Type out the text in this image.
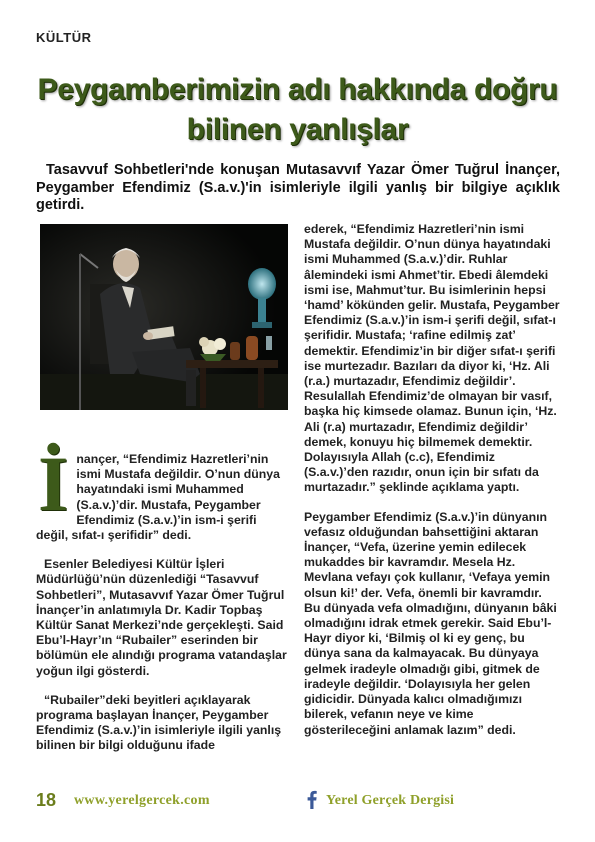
KÜLTÜR
Peygamberimizin adı hakkında doğru
bilinen yanlışlar

Tasavvuf Sohbetleri'nde konuşan Mutasavvıf Yazar Ömer Tuğrul İnançer, Peygamber Efendimiz (S.a.v.)'in isimleriyle ilgili yanlış bir bilgiye açıklık getirdi.

İnançer, “Efendimiz Hazretleri’nin ismi Mustafa değildir. O’nun dünya hayatındaki ismi Muhammed (S.a.v.)’dir. Mustafa, Peygamber Efendimiz (S.a.v.)’in ism-i şerifi değil, sıfat-ı şerifidir” dedi.

Esenler Belediyesi Kültür İşleri Müdürlüğü’nün düzenlediği “Tasavvuf Sohbetleri”, Mutasavvıf Yazar Ömer Tuğrul İnançer’in anlatımıyla Dr. Kadir Topbaş Kültür Sanat Merkezi’nde gerçekleşti. Said Ebu’l-Hayr’ın “Rubailer” eserinden bir bölümün ele alındığı programa vatandaşlar yoğun ilgi gösterdi.

“Rubailer”deki beyitleri açıklayarak programa başlayan İnançer, Peygamber Efendimiz (S.a.v.)’in isimleriyle ilgili yanlış bilinen bir bilgi olduğunu ifade

ederek, “Efendimiz Hazretleri’nin ismi Mustafa değildir. O’nun dünya hayatındaki ismi Muhammed (S.a.v.)’dir. Ruhlar âlemindeki ismi Ahmet’tir. Ebedi âlemdeki ismi ise, Mahmut’tur. Bu isimlerinin hepsi ‘hamd’ kökünden gelir. Mustafa, Peygamber Efendimiz (S.a.v.)’in ism-i şerifi değil, sıfat-ı şerifidir. Mustafa; ‘rafine edilmiş zat’ demektir. Efendimiz’in bir diğer sıfat-ı şerifi ise murtezadır. Bazıları da diyor ki, ‘Hz. Ali (r.a.) murtazadır, Efendimiz değildir’. Resulallah Efendimiz’de olmayan bir vasıf, başka hiç kimsede olamaz. Bunun için, ‘Hz. Ali (r.a) murtazadır, Efendimiz değildir’ demek, konuyu hiç bilmemek demektir. Dolayısıyla Allah (c.c), Efendimiz (S.a.v.)’den razıdır, onun için bir sıfatı da murtazadır.” şeklinde açıklama yaptı.

Peygamber Efendimiz (S.a.v.)’in dünyanın vefasız olduğundan bahsettiğini aktaran İnançer, “Vefa, üzerine yemin edilecek mukaddes bir kavramdır. Mesela Hz. Mevlana vefayı çok kullanır, ‘Vefaya yemin olsun ki!’ der. Vefa, önemli bir kavramdır. Bu dünyada vefa olmadığını, dünyanın bâki olmadığını idrak etmek gerekir. Said Ebu’l-Hayr diyor ki, ‘Bilmiş ol ki ey genç, bu dünya sana da kalmayacak. Bu dünyaya gelmek iradeyle olmadığı gibi, gitmek de iradeyle değildir. ‘Dolayısıyla her gelen gidicidir. Dünyada kalıcı olmadığımızı bilerek, vefanın neye ve kime gösterileceğini anlamak lazım” dedi.

18 www.yerelgercek.com	Yerel Gerçek Dergisi
